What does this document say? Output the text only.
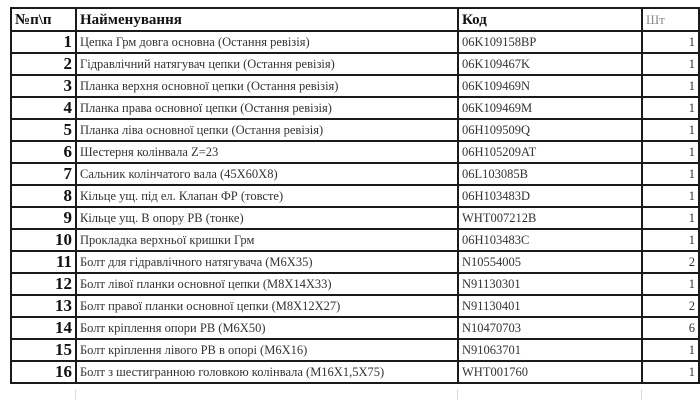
№п\п	Найменування	Код	Шт
1	Цепка Грм довга основна (Остання ревізія)	06K109158BP	1
2	Гідравлічний натягувач цепки (Остання ревізія)	06K109467K	1
3	Планка верхня основної цепки (Остання ревізія)	06K109469N	1
4	Планка права основної цепки (Остання ревізія)	06K109469M	1
5	Планка ліва основної цепки (Остання ревізія)	06H109509Q	1
6	Шестерня колінвала Z=23	06H105209AT	1
7	Сальник колінчатого вала (45X60X8)	06L103085B	1
8	Кільце ущ. під ел. Клапан ФР (товсте)	06H103483D	1
9	Кільце ущ. В опору РВ (тонке)	WHT007212B	1
10	Прокладка верхньої кришки Грм	06H103483C	1
11	Болт для гідравлічного натягувача (M6X35)	N10554005	2
12	Болт лівої планки основної цепки (M8X14X33)	N91130301	1
13	Болт правої планки основної цепки (M8X12X27)	N91130401	2
14	Болт кріплення опори РВ (M6X50)	N10470703	6
15	Болт кріплення лівого РВ в опорі (M6X16)	N91063701	1
16	Болт з шестигранною головкою колінвала (M16X1,5X75)	WHT001760	1
